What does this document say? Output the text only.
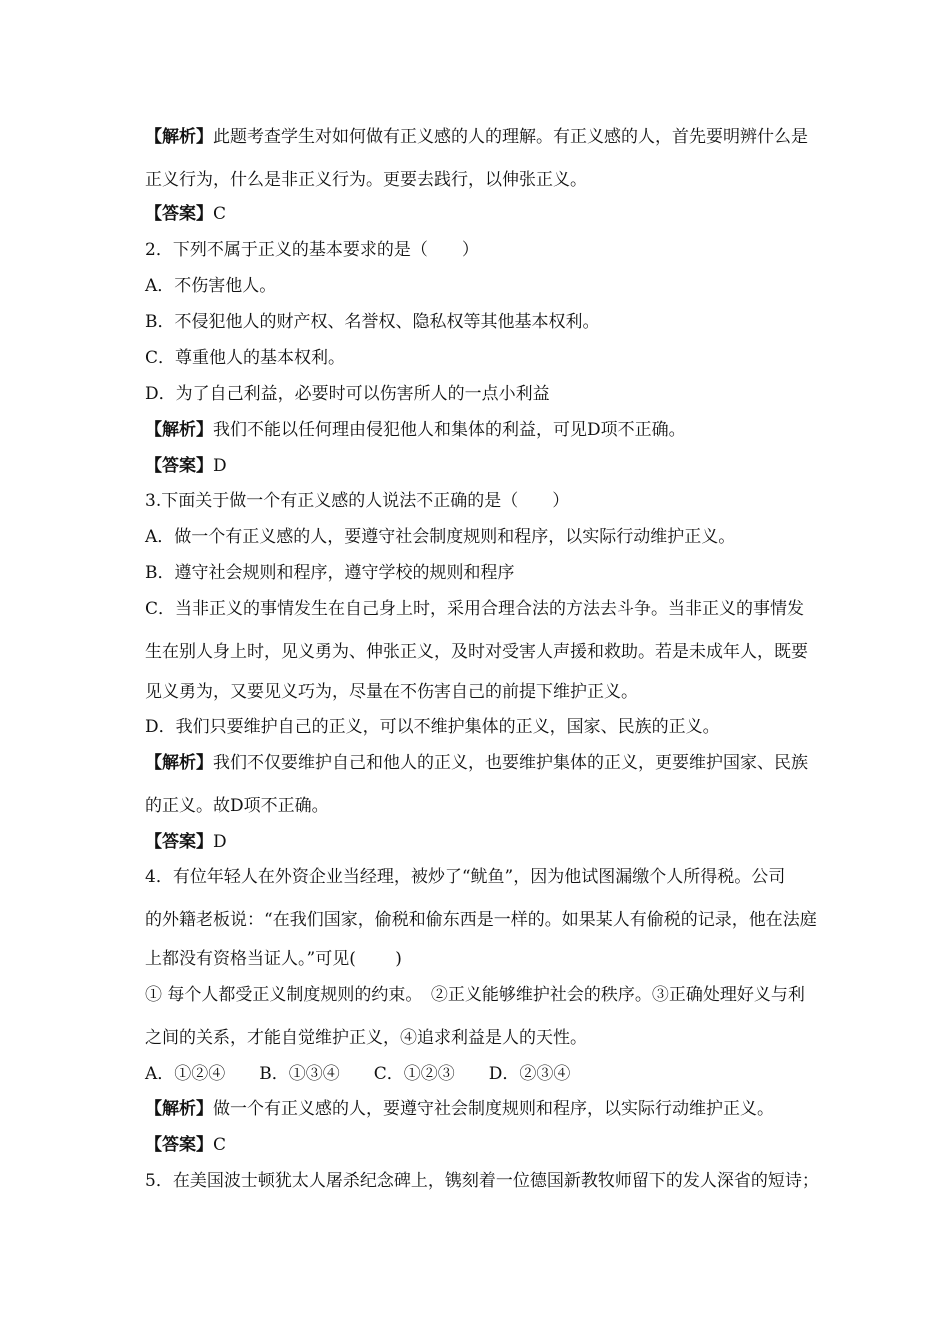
【解析】此题考查学生对如何做有正义感的人的理解。有正义感的人，首先要明辨什么是
正义行为，什么是非正义行为。更要去践行，以伸张正义。
【答案】C
2．下列不属于正义的基本要求的是（　　）
A．不伤害他人。
B．不侵犯他人的财产权、名誉权、隐私权等其他基本权利。
C．尊重他人的基本权利。
D．为了自己利益，必要时可以伤害所人的一点小利益
【解析】我们不能以任何理由侵犯他人和集体的利益，可见D项不正确。
【答案】D
3.下面关于做一个有正义感的人说法不正确的是（　　）
A．做一个有正义感的人，要遵守社会制度规则和程序，以实际行动维护正义。
B．遵守社会规则和程序，遵守学校的规则和程序
C．当非正义的事情发生在自己身上时，采用合理合法的方法去斗争。当非正义的事情发
生在别人身上时，见义勇为、伸张正义，及时对受害人声援和救助。若是未成年人，既要
见义勇为，又要见义巧为，尽量在不伤害自己的前提下维护正义。
D．我们只要维护自己的正义，可以不维护集体的正义，国家、民族的正义。
【解析】我们不仅要维护自己和他人的正义，也要维护集体的正义，更要维护国家、民族
的正义。故D项不正确。
【答案】D
4．有位年轻人在外资企业当经理，被炒了“鱿鱼”，因为他试图漏缴个人所得税。公司
的外籍老板说：“在我们国家，偷税和偷东西是一样的。如果某人有偷税的记录，他在法庭
上都没有资格当证人。”可见(　　 )
① 每个人都受正义制度规则的约束。　②正义能够维护社会的秩序。③正确处理好义与利
之间的关系，才能自觉维护正义，④追求利益是人的天性。
A．①②④　　B．①③④　　C．①②③　　D．②③④
【解析】做一个有正义感的人，要遵守社会制度规则和程序，以实际行动维护正义。
【答案】C
5．在美国波士顿犹太人屠杀纪念碑上，镌刻着一位德国新教牧师留下的发人深省的短诗；
